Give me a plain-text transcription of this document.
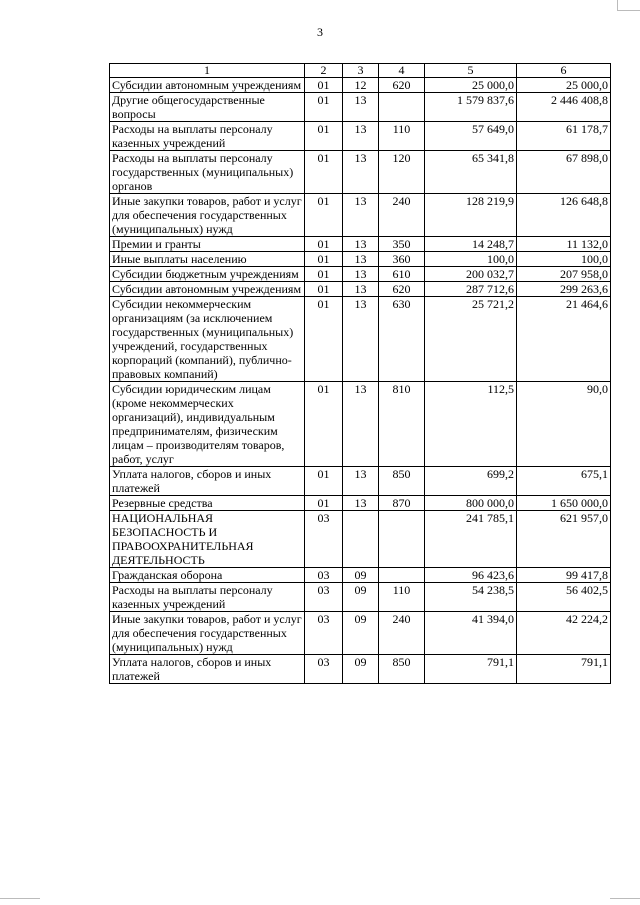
3
1	2	3	4	5	6
Субсидии автономным учреждениям	01	12	620	25 000,0	25 000,0
Другие общегосударственные вопросы	01	13		1 579 837,6	2 446 408,8
Расходы на выплаты персоналу казенных учреждений	01	13	110	57 649,0	61 178,7
Расходы на выплаты персоналу государственных (муниципальных) органов	01	13	120	65 341,8	67 898,0
Иные закупки товаров, работ и услуг для обеспечения государственных (муниципальных) нужд	01	13	240	128 219,9	126 648,8
Премии и гранты	01	13	350	14 248,7	11 132,0
Иные выплаты населению	01	13	360	100,0	100,0
Субсидии бюджетным учреждениям	01	13	610	200 032,7	207 958,0
Субсидии автономным учреждениям	01	13	620	287 712,6	299 263,6
Субсидии некоммерческим организациям (за исключением государственных (муниципальных) учреждений, государственных корпораций (компаний), публично-правовых компаний)	01	13	630	25 721,2	21 464,6
Субсидии юридическим лицам (кроме некоммерческих организаций), индивидуальным предпринимателям, физическим лицам – производителям товаров, работ, услуг	01	13	810	112,5	90,0
Уплата налогов, сборов и иных платежей	01	13	850	699,2	675,1
Резервные средства	01	13	870	800 000,0	1 650 000,0
НАЦИОНАЛЬНАЯ БЕЗОПАСНОСТЬ И ПРАВООХРАНИТЕЛЬНАЯ ДЕЯТЕЛЬНОСТЬ	03			241 785,1	621 957,0
Гражданская оборона	03	09		96 423,6	99 417,8
Расходы на выплаты персоналу казенных учреждений	03	09	110	54 238,5	56 402,5
Иные закупки товаров, работ и услуг для обеспечения государственных (муниципальных) нужд	03	09	240	41 394,0	42 224,2
Уплата налогов, сборов и иных платежей	03	09	850	791,1	791,1
